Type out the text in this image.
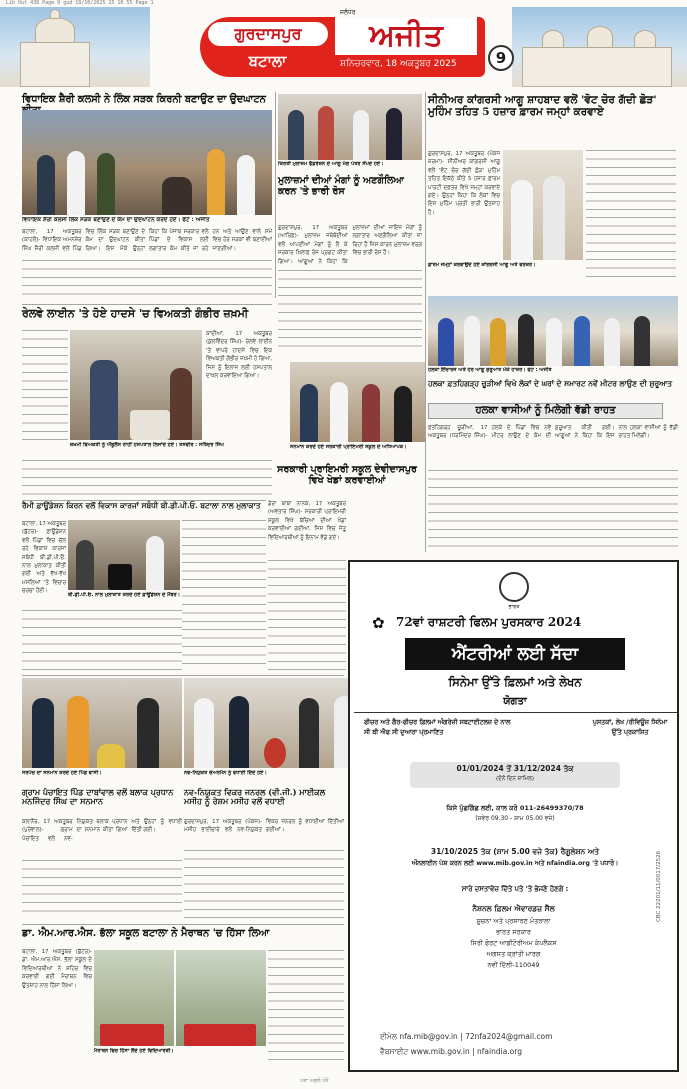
Lib Out 438 Page 9 gud 18/10/2025 15 10 55 Page 1
ਗੁਰਦਾਸਪੁਰ
ਬਟਾਲਾ
ਅਜੀਤ
ਜਲੰਧਰ
ਸ਼ਨਿਚਰਵਾਰ, 18 ਅਕਤੂਬਰ 2025	9
ਵਿਧਾਇਕ ਸ਼ੈਰੀ ਕਲਸੀ ਨੇ ਲਿੰਕ ਸੜਕ ਕਿਰਨੀ ਬਣਾਉਣ ਦਾ ਉਦਘਾਟਨ
ਵਿਧਾਇਕ ਸ਼ੈਰੀ ਕਲਸੀ ਲਿੰਕ ਸੜਕ ਬਣਾਉਣ ਦੇ ਕੰਮ ਦਾ ਉਦਘਾਟਨ ਕਰਦੇ ਹੋਏ। ਫੋਟੋ : ਅਜੀਤ
ਬਟਾਲਾ, 17 ਅਕਤੂਬਰ (ਕਾਹਲੋਂ)- ਵਿਧਾਇਕ ਅਮਨਸ਼ੇਰ ਸਿੰਘ ਸ਼ੈਰੀ ਕਲਸੀ ਵਲੋਂ ਪਿੰਡ ਵਿਚ ਲਿੰਕ ਸੜਕ ਬਣਾਉਣ ਦੇ ਕੰਮ ਦਾ ਉਦਘਾਟਨ ਕੀਤਾ ਗਿਆ। ਇਸ ਮੌਕੇ ਉਨ੍ਹਾਂ ਕਿਹਾ ਕਿ ਪੰਜਾਬ ਸਰਕਾਰ ਵਲੋਂ ਪਿੰਡਾਂ ਦੇ ਵਿਕਾਸ ਲਈ ਲਗਾਤਾਰ ਕੰਮ ਕੀਤੇ ਜਾ ਰਹੇ ਹਨ ਅਤੇ ਆਉਣ ਵਾਲੇ ਸਮੇਂ ਵਿਚ ਹੋਰ ਸੜਕਾਂ ਵੀ ਬਣਾਈਆਂ ਜਾਣਗੀਆਂ।
ਕਿਰਤੀ ਮੁਲਾਜ਼ਮ ਫੈਡਰੇਸ਼ਨ ਦੇ ਆਗੂ ਮੰਗ ਪੱਤਰ ਸੌਂਪਦੇ ਹੋਏ।
ਮੁਲਾਜ਼ਮਾਂ ਦੀਆਂ ਮੰਗਾਂ ਨੂੰ ਅਣਗੌਲਿਆ ਕਰਨ 'ਤੇ ਭਾਰੀ ਰੋਸ
ਗੁਰਦਾਸਪੁਰ, 17 ਅਕਤੂਬਰ (ਆਰਿਫ਼)- ਮੁਲਾਜ਼ਮ ਜਥੇਬੰਦੀਆਂ ਵਲੋਂ ਆਪਣੀਆਂ ਮੰਗਾਂ ਨੂੰ ਲੈ ਕੇ ਸਰਕਾਰ ਖ਼ਿਲਾਫ਼ ਰੋਸ ਪ੍ਰਗਟ ਕੀਤਾ ਗਿਆ। ਆਗੂਆਂ ਨੇ ਕਿਹਾ ਕਿ ਮੁਲਾਜ਼ਮਾਂ ਦੀਆਂ ਜਾਇਜ਼ ਮੰਗਾਂ ਨੂੰ ਲਗਾਤਾਰ ਅਣਗੌਲਿਆ ਕੀਤਾ ਜਾ ਰਿਹਾ ਹੈ ਜਿਸ ਕਾਰਨ ਮੁਲਾਜ਼ਮ ਵਰਗ ਵਿਚ ਭਾਰੀ ਰੋਸ ਹੈ।
ਸੀਨੀਅਰ ਕਾਂਗਰਸੀ ਆਗੂ ਸ਼ਾਹਬਾਦ ਵਲੋਂ 'ਵੋਟ ਚੋਰ ਗੱਦੀ ਛੋੜ' ਮੁਹਿੰਮ ਤਹਿਤ 5 ਹਜ਼ਾਰ ਫ਼ਾਰਮ ਜਮ੍ਹਾਂ ਕਰਵਾਏ
ਗੁਰਦਾਸਪੁਰ, 17 ਅਕਤੂਬਰ (ਪੰਕਜ ਸ਼ਰਮਾ)- ਸੀਨੀਅਰ ਕਾਂਗਰਸੀ ਆਗੂ ਵਲੋਂ 'ਵੋਟ ਚੋਰ ਗੱਦੀ ਛੋੜ' ਮੁਹਿੰਮ ਤਹਿਤ ਇਕੱਠੇ ਕੀਤੇ 5 ਹਜ਼ਾਰ ਫ਼ਾਰਮ ਪਾਰਟੀ ਦਫ਼ਤਰ ਵਿਖੇ ਜਮ੍ਹਾਂ ਕਰਵਾਏ ਗਏ। ਉਨ੍ਹਾਂ ਕਿਹਾ ਕਿ ਲੋਕਾਂ ਵਿਚ ਇਸ ਮੁਹਿੰਮ ਪ੍ਰਤੀ ਭਾਰੀ ਉਤਸ਼ਾਹ ਹੈ।
ਫ਼ਾਰਮ ਜਮ੍ਹਾਂ ਕਰਵਾਉਂਦੇ ਹੋਏ ਕਾਂਗਰਸੀ ਆਗੂ ਅਤੇ ਵਰਕਰ।
ਰੇਲਵੇ ਲਾਈਨ 'ਤੇ ਹੋਏ ਹਾਦਸੇ 'ਚ ਵਿਅਕਤੀ ਗੰਭੀਰ ਜ਼ਖ਼ਮੀ
ਕਾਦੀਆਂ, 17 ਅਕਤੂਬਰ (ਕੁਲਵਿੰਦਰ ਸਿੰਘ)- ਰੇਲਵੇ ਲਾਈਨ 'ਤੇ ਵਾਪਰੇ ਹਾਦਸੇ ਵਿਚ ਇਕ ਵਿਅਕਤੀ ਗੰਭੀਰ ਜ਼ਖ਼ਮੀ ਹੋ ਗਿਆ, ਜਿਸ ਨੂੰ ਇਲਾਜ ਲਈ ਹਸਪਤਾਲ ਦਾਖ਼ਲ ਕਰਵਾਇਆ ਗਿਆ।
ਜ਼ਖ਼ਮੀ ਵਿਅਕਤੀ ਨੂੰ ਐਂਬੂਲੈਂਸ ਰਾਹੀਂ ਹਸਪਤਾਲ ਲਿਜਾਂਦੇ ਹੋਏ। ਤਸਵੀਰ : ਸਤਿੰਦਰ ਸਿੰਘ
ਹਲਕਾ ਇੰਚਾਰਜ ਅਤੇ ਹੋਰ ਆਗੂ ਸ਼ੁਰੂਆਤ ਮੌਕੇ ਹਾਜ਼ਰ। ਫੋਟੋ : ਅਜੀਤ
ਹਲਕਾ ਫ਼ਤਹਿਗੜ੍ਹ ਚੂੜੀਆਂ ਵਿਖੇ ਲੋਕਾਂ ਦੇ ਘਰਾਂ ਦੇ ਸਮਾਰਟ ਨਵੇਂ ਮੀਟਰ ਲਾਉਣ ਦੀ ਸ਼ੁਰੂਆਤ
ਹਲਕਾ ਵਾਸੀਆਂ ਨੂੰ ਮਿਲੇਗੀ ਵੱਡੀ ਰਾਹਤ
ਫ਼ਤਹਿਗੜ੍ਹ ਚੂੜੀਆਂ, 17 ਅਕਤੂਬਰ (ਧਰਮਿੰਦਰ ਸਿੰਘ)- ਹਲਕੇ ਦੇ ਪਿੰਡਾਂ ਵਿਚ ਨਵੇਂ ਮੀਟਰ ਲਾਉਣ ਦੇ ਕੰਮ ਦੀ ਸ਼ੁਰੂਆਤ ਕੀਤੀ ਗਈ। ਆਗੂਆਂ ਨੇ ਕਿਹਾ ਕਿ ਇਸ ਨਾਲ ਹਲਕਾ ਵਾਸੀਆਂ ਨੂੰ ਵੱਡੀ ਰਾਹਤ ਮਿਲੇਗੀ।
ਸਨਮਾਨ ਕਰਦੇ ਹੋਏ ਸਰਕਾਰੀ ਪ੍ਰਾਇਮਰੀ ਸਕੂਲ ਦੇ ਅਧਿਆਪਕ।
ਸਰਕਾਰੀ ਪ੍ਰਾਇਮਰੀ ਸਕੂਲ ਦੇਵੀਦਾਸਪੁਰ ਵਿਖੇ ਖੇਡਾਂ ਕਰਵਾਈਆਂ
ਡੇਰਾ ਬਾਬਾ ਨਾਨਕ, 17 ਅਕਤੂਬਰ (ਅਵਤਾਰ ਸਿੰਘ)- ਸਰਕਾਰੀ ਪ੍ਰਾਇਮਰੀ ਸਕੂਲ ਵਿਖੇ ਬੱਚਿਆਂ ਦੀਆਂ ਖੇਡਾਂ ਕਰਵਾਈਆਂ ਗਈਆਂ, ਜਿਸ ਵਿਚ ਜੇਤੂ ਵਿਦਿਆਰਥੀਆਂ ਨੂੰ ਇਨਾਮ ਵੰਡੇ ਗਏ।
ਰੈਮੀ ਫ਼ਾਊਂਡੇਸ਼ਨ ਕਿਰਨ ਵਲੋਂ ਵਿਕਾਸ ਕਾਰਜਾਂ ਸਬੰਧੀ ਬੀ.ਡੀ.ਪੀ.ਓ. ਬਟਾਲਾ ਨਾਲ ਮੁਲਾਕਾਤ
ਬਟਾਲਾ, 17 ਅਕਤੂਬਰ (ਬੁੱਟਰ)- ਫ਼ਾਊਂਡੇਸ਼ਨ ਵਲੋਂ ਪਿੰਡਾਂ ਵਿਚ ਚੱਲ ਰਹੇ ਵਿਕਾਸ ਕਾਰਜਾਂ ਸਬੰਧੀ ਬੀ.ਡੀ.ਪੀ.ਓ. ਨਾਲ ਮੁਲਾਕਾਤ ਕੀਤੀ ਗਈ ਅਤੇ ਵੱਖ-ਵੱਖ ਮਸਲਿਆਂ 'ਤੇ ਵਿਚਾਰ ਚਰਚਾ ਹੋਈ।
ਬੀ.ਡੀ.ਪੀ.ਓ. ਨਾਲ ਮੁਲਾਕਾਤ ਕਰਦੇ ਹੋਏ ਫ਼ਾਊਂਡੇਸ਼ਨ ਦੇ ਮੈਂਬਰ।
ਸਰਪੰਚ ਦਾ ਸਨਮਾਨ ਕਰਦੇ ਹੋਏ ਪਿੰਡ ਵਾਸੀ।	ਨਵ-ਨਿਯੁਕਤ ਚੇਅਰਮੈਨ ਨੂੰ ਵਧਾਈ ਦਿੰਦੇ ਹੋਏ।
ਗ੍ਰਾਮ ਪੰਚਾਇਤ ਪਿੰਡ ਦਾਬਾਂਵਾਲ ਵਲੋਂ ਬਲਾਕ ਪ੍ਰਧਾਨ ਮਨਜਿੰਦਰ ਸਿੰਘ ਦਾ ਸਨਮਾਨ
ਕਲਾਨੌਰ, 17 ਅਕਤੂਬਰ (ਪੁਰੇਵਾਲ)- ਗ੍ਰਾਮ ਪੰਚਾਇਤ ਵਲੋਂ ਨਵ-ਨਿਯੁਕਤ ਬਲਾਕ ਪ੍ਰਧਾਨ ਦਾ ਸਨਮਾਨ ਕੀਤਾ ਗਿਆ ਅਤੇ ਉਨ੍ਹਾਂ ਨੂੰ ਵਧਾਈ ਦਿੱਤੀ ਗਈ।
ਨਵ-ਨਿਯੁਕਤ ਵਿਕਰ ਜਨਰਲ (ਵੀ.ਜੀ.) ਮਾਈਕਲ ਮਸੀਹ ਨੂੰ ਰੇਸ਼ਮ ਮਸੀਹ ਵਲੋਂ ਵਧਾਈ
ਗੁਰਦਾਸਪੁਰ, 17 ਅਕਤੂਬਰ (ਪੰਕਜ)- ਮਸੀਹ ਭਾਈਚਾਰੇ ਵਲੋਂ ਨਵ-ਨਿਯੁਕਤ ਵਿਕਰ ਜਨਰਲ ਨੂੰ ਵਧਾਈਆਂ ਦਿੱਤੀਆਂ ਗਈਆਂ।
ਡਾ. ਐਮ.ਆਰ.ਐਸ. ਭੱਲਾ ਸਕੂਲ ਬਟਾਲਾ ਨੇ ਮੈਰਾਥਨ 'ਚ ਹਿੱਸਾ ਲਿਆ
ਬਟਾਲਾ, 17 ਅਕਤੂਬਰ (ਬੁੱਟਰ)- ਡਾ. ਐਮ.ਆਰ.ਐਸ. ਭੱਲਾ ਸਕੂਲ ਦੇ ਵਿਦਿਆਰਥੀਆਂ ਨੇ ਸ਼ਹਿਰ ਵਿਚ ਕਰਵਾਈ ਗਈ ਮੈਰਾਥਨ ਵਿਚ ਉਤਸ਼ਾਹ ਨਾਲ ਹਿੱਸਾ ਲਿਆ।
ਮੈਰਾਥਨ ਵਿਚ ਹਿੱਸਾ ਲੈਂਦੇ ਹੋਏ ਵਿਦਿਆਰਥੀ।
ਭਾਰਤ
✿ 72ਵਾਂ ਰਾਸ਼ਟਰੀ ਫਿਲਮ ਪੁਰਸਕਾਰ 2024
ਐਂਟਰੀਆਂ ਲਈ ਸੱਦਾ
ਸਿਨੇਮਾ ਉੱਤੇ ਫ਼ਿਲਮਾਂ ਅਤੇ ਲੇਖਨ
ਯੋਗਤਾ
ਫੀਚਰ ਅਤੇ ਗੈਰ-ਫੀਚਰ ਫ਼ਿਲਮਾਂ ਅੰਗਰੇਜ਼ੀ ਸਬਟਾਈਟਲਜ਼ ਦੇ ਨਾਲ ਸੀ ਬੀ ਐਫ ਸੀ ਦੁਆਰਾ ਪ੍ਰਮਾਣਿਤ
ਪੁਸਤਕਾਂ, ਲੇਖ /ਰੀਵਿਊਜ਼ ਸਿਨੇਮਾ ਉੱਤੇ ਪ੍ਰਕਾਸ਼ਿਤ
01/01/2024 ਤੋਂ 31/12/2024 ਤੱਕ
(ਦੋਨੋਂ ਦਿਨ ਸ਼ਾਮਿਲ)
ਕਿਸੇ ਪੁੱਛਗਿੱਛ ਲਈ, ਕਾਲ ਕਰੋ 011-26499370/78
(ਸਵੇਰ 09.30 - ਸ਼ਾਮ 05.00 ਵਜੇ)
31/10/2025 ਤੱਕ (ਸ਼ਾਮ 5.00 ਵਜੇ ਤੱਕ) ਰੈਗੂਲੇਸ਼ਨ ਅਤੇ
ਔਨਲਾਈਨ ਪੇਸ਼ ਕਰਨ ਲਈ www.mib.gov.in ਅਤੇ nfaindia.org 'ਤੇ ਪਧਾਰੋ।
ਸਾਰੇ ਦਸਤਾਵੇਜ਼ ਦਿੱਤੇ ਪਤੇ 'ਤੇ ਭੇਜਣੇ ਹੋਣਗੇ :
ਨੈਸ਼ਨਲ ਫ਼ਿਲਮ ਐਵਾਰਡਜ਼ ਸੈੱਲ
ਸੂਚਨਾ ਅਤੇ ਪ੍ਰਸਾਰਣ ਮੰਤਰਾਲਾ
ਭਾਰਤ ਸਰਕਾਰ
ਸਿਰੀ ਫੋਰਟ ਆਡੀਟੋਰੀਅਮ ਕੰਪਲੈਕਸ
ਅਗਸਤ ਕ੍ਰਾਂਤੀ ਮਾਰਗ
ਨਵੀਂ ਦਿੱਲੀ-110049
ਈਮੇਲ nfa.mib@gov.in | 72nfa2024@gmail.com
ਵੈੱਬਸਾਈਟ www.mib.gov.in | nfaindia.org
CBC 22201/11/0017/2526
ਪਤਾ ਅਗਲੇ ਪੰਨੇ
